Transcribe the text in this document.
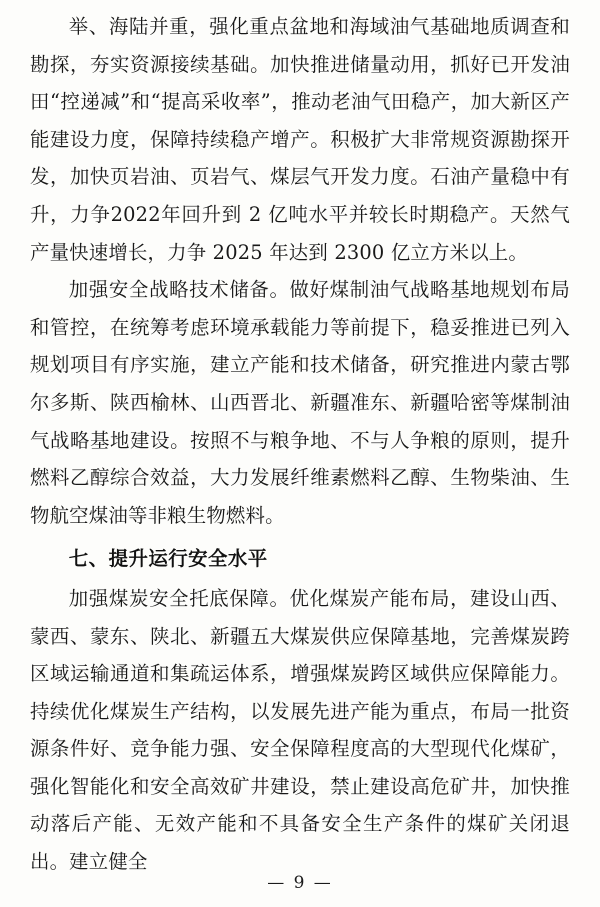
举、海陆并重，强化重点盆地和海域油气基础地质调查和勘探，夯实资源接续基础。加快推进储量动用，抓好已开发油田“控递减”和“提高采收率”，推动老油气田稳产，加大新区产能建设力度，保障持续稳产增产。积极扩大非常规资源勘探开发，加快页岩油、页岩气、煤层气开发力度。石油产量稳中有升，力争2022年回升到 2 亿吨水平并较长时期稳产。天然气产量快速增长，力争 2025 年达到 2300 亿立方米以上。

加强安全战略技术储备。做好煤制油气战略基地规划布局和管控，在统筹考虑环境承载能力等前提下，稳妥推进已列入规划项目有序实施，建立产能和技术储备，研究推进内蒙古鄂尔多斯、陕西榆林、山西晋北、新疆准东、新疆哈密等煤制油气战略基地建设。按照不与粮争地、不与人争粮的原则，提升燃料乙醇综合效益，大力发展纤维素燃料乙醇、生物柴油、生物航空煤油等非粮生物燃料。

七、提升运行安全水平

加强煤炭安全托底保障。优化煤炭产能布局，建设山西、蒙西、蒙东、陕北、新疆五大煤炭供应保障基地，完善煤炭跨区域运输通道和集疏运体系，增强煤炭跨区域供应保障能力。持续优化煤炭生产结构，以发展先进产能为重点，布局一批资源条件好、竞争能力强、安全保障程度高的大型现代化煤矿，强化智能化和安全高效矿井建设，禁止建设高危矿井，加快推动落后产能、无效产能和不具备安全生产条件的煤矿关闭退出。建立健全

— 9 —
